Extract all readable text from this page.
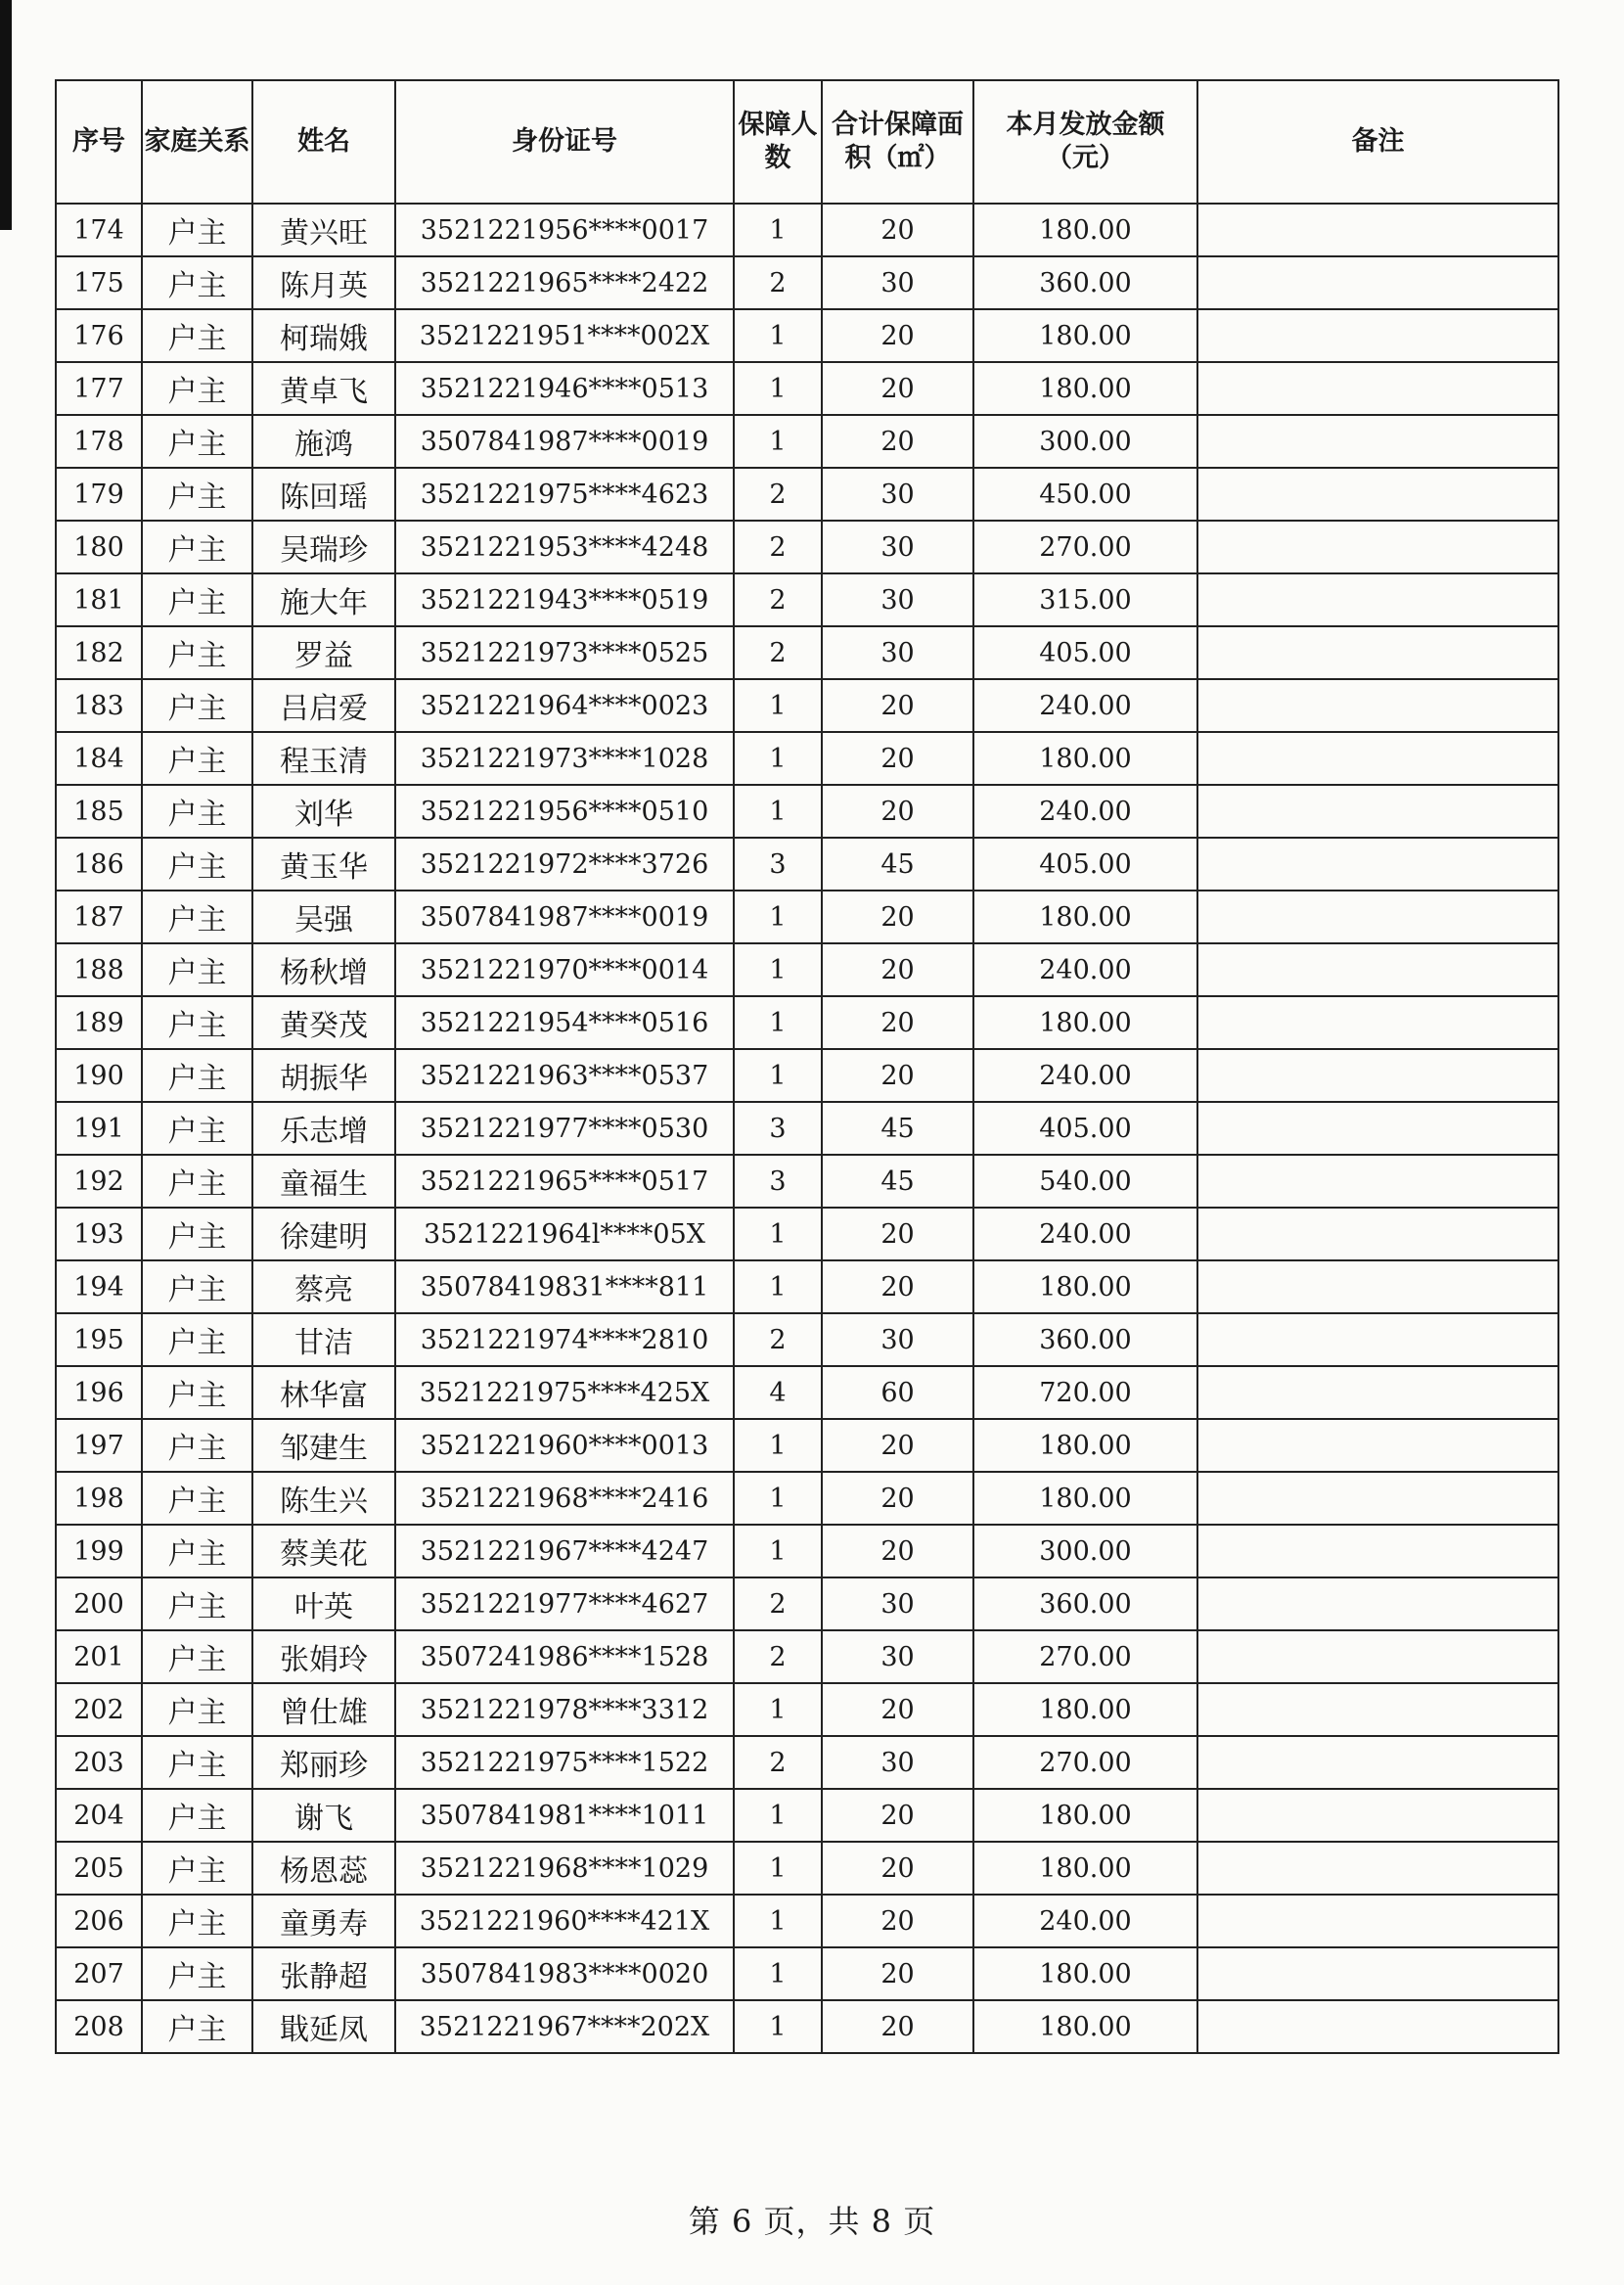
序号	家庭关系	姓名	身份证号	保障人数	合计保障面积（㎡）	本月发放金额（元）	备注
174	户主	黄兴旺	3521221956****0017	1	20	180.00	
175	户主	陈月英	3521221965****2422	2	30	360.00	
176	户主	柯瑞娥	3521221951****002X	1	20	180.00	
177	户主	黄卓飞	3521221946****0513	1	20	180.00	
178	户主	施鸿	3507841987****0019	1	20	300.00	
179	户主	陈回瑶	3521221975****4623	2	30	450.00	
180	户主	吴瑞珍	3521221953****4248	2	30	270.00	
181	户主	施大年	3521221943****0519	2	30	315.00	
182	户主	罗益	3521221973****0525	2	30	405.00	
183	户主	吕启爱	3521221964****0023	1	20	240.00	
184	户主	程玉清	3521221973****1028	1	20	180.00	
185	户主	刘华	3521221956****0510	1	20	240.00	
186	户主	黄玉华	3521221972****3726	3	45	405.00	
187	户主	吴强	3507841987****0019	1	20	180.00	
188	户主	杨秋增	3521221970****0014	1	20	240.00	
189	户主	黄癸茂	3521221954****0516	1	20	180.00	
190	户主	胡振华	3521221963****0537	1	20	240.00	
191	户主	乐志增	3521221977****0530	3	45	405.00	
192	户主	童福生	3521221965****0517	3	45	540.00	
193	户主	徐建明	3521221964l****05X	1	20	240.00	
194	户主	蔡亮	35078419831****811	1	20	180.00	
195	户主	甘洁	3521221974****2810	2	30	360.00	
196	户主	林华富	3521221975****425X	4	60	720.00	
197	户主	邹建生	3521221960****0013	1	20	180.00	
198	户主	陈生兴	3521221968****2416	1	20	180.00	
199	户主	蔡美花	3521221967****4247	1	20	300.00	
200	户主	叶英	3521221977****4627	2	30	360.00	
201	户主	张娟玲	3507241986****1528	2	30	270.00	
202	户主	曾仕雄	3521221978****3312	1	20	180.00	
203	户主	郑丽珍	3521221975****1522	2	30	270.00	
204	户主	谢飞	3507841981****1011	1	20	180.00	
205	户主	杨恩蕊	3521221968****1029	1	20	180.00	
206	户主	童勇寿	3521221960****421X	1	20	240.00	
207	户主	张静超	3507841983****0020	1	20	180.00	
208	户主	戢延凤	3521221967****202X	1	20	180.00	
第 6 页，共 8 页
